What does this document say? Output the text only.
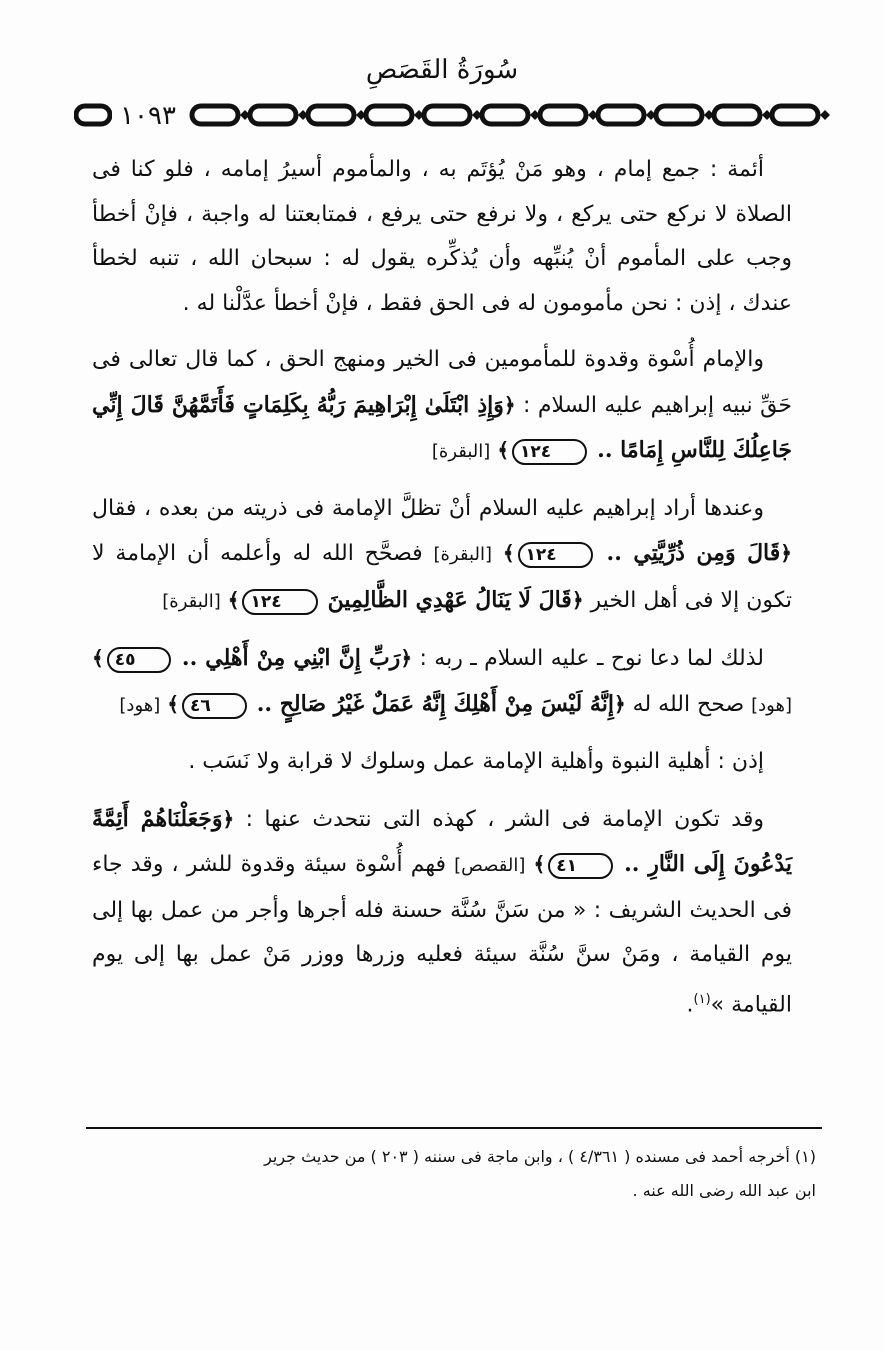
سُورَةُ القَصَصِ
١٠٩٣

أئمة : جمع إمام ، وهو مَنْ يُؤتَم به ، والمأموم أسيرُ إمامه ، فلو كنا فى الصلاة لا نركع حتى يركع ، ولا نرفع حتى يرفع ، فمتابعتنا له واجبة ، فإنْ أخطأ وجب على المأموم أنْ يُنبِّهه وأن يُذكِّره يقول له : سبحان الله ، تنبه لخطأ عندك ، إذن : نحن مأمومون له فى الحق فقط ، فإنْ أخطأ عدَّلْنا له .

والإمام أُسْوة وقدوة للمأمومين فى الخير ومنهج الحق ، كما قال تعالى فى حَقِّ نبيه إبراهيم عليه السلام : ﴿وَإِذِ ابْتَلَىٰ إِبْرَاهِيمَ رَبُّهُ بِكَلِمَاتٍ فَأَتَمَّهُنَّ قَالَ إِنِّي جَاعِلُكَ لِلنَّاسِ إِمَامًا .. ١٢٤﴾ [البقرة]

وعندها أراد إبراهيم عليه السلام أنْ تظلَّ الإمامة فى ذريته من بعده ، فقال ﴿قَالَ وَمِن ذُرِّيَّتِي .. ١٢٤﴾ [البقرة] فصحَّح الله له وأعلمه أن الإمامة لا تكون إلا فى أهل الخير ﴿قَالَ لَا يَنَالُ عَهْدِي الظَّالِمِينَ ١٢٤﴾ [البقرة]

لذلك لما دعا نوح ـ عليه السلام ـ ربه : ﴿رَبِّ إِنَّ ابْنِي مِنْ أَهْلِي .. ٤٥﴾ [هود] صحح الله له ﴿إِنَّهُ لَيْسَ مِنْ أَهْلِكَ إِنَّهُ عَمَلٌ غَيْرُ صَالِحٍ .. ٤٦﴾ [هود]

إذن : أهلية النبوة وأهلية الإمامة عمل وسلوك لا قرابة ولا نَسَب .

وقد تكون الإمامة فى الشر ، كهذه التى نتحدث عنها : ﴿وَجَعَلْنَاهُمْ أَئِمَّةً يَدْعُونَ إِلَى النَّارِ .. ٤١﴾ [القصص] فهم أُسْوة سيئة وقدوة للشر ، وقد جاء فى الحديث الشريف : « من سَنَّ سُنَّة حسنة فله أجرها وأجر من عمل بها إلى يوم القيامة ، ومَنْ سنَّ سُنَّة سيئة فعليه وزرها ووزر مَنْ عمل بها إلى يوم القيامة »$^{(١)}$.

(١) أخرجه أحمد فى مسنده ( ٤/٣٦١ ) ، وابن ماجة فى سننه ( ٢٠٣ ) من حديث جرير

ابن عبد الله رضى الله عنه .
